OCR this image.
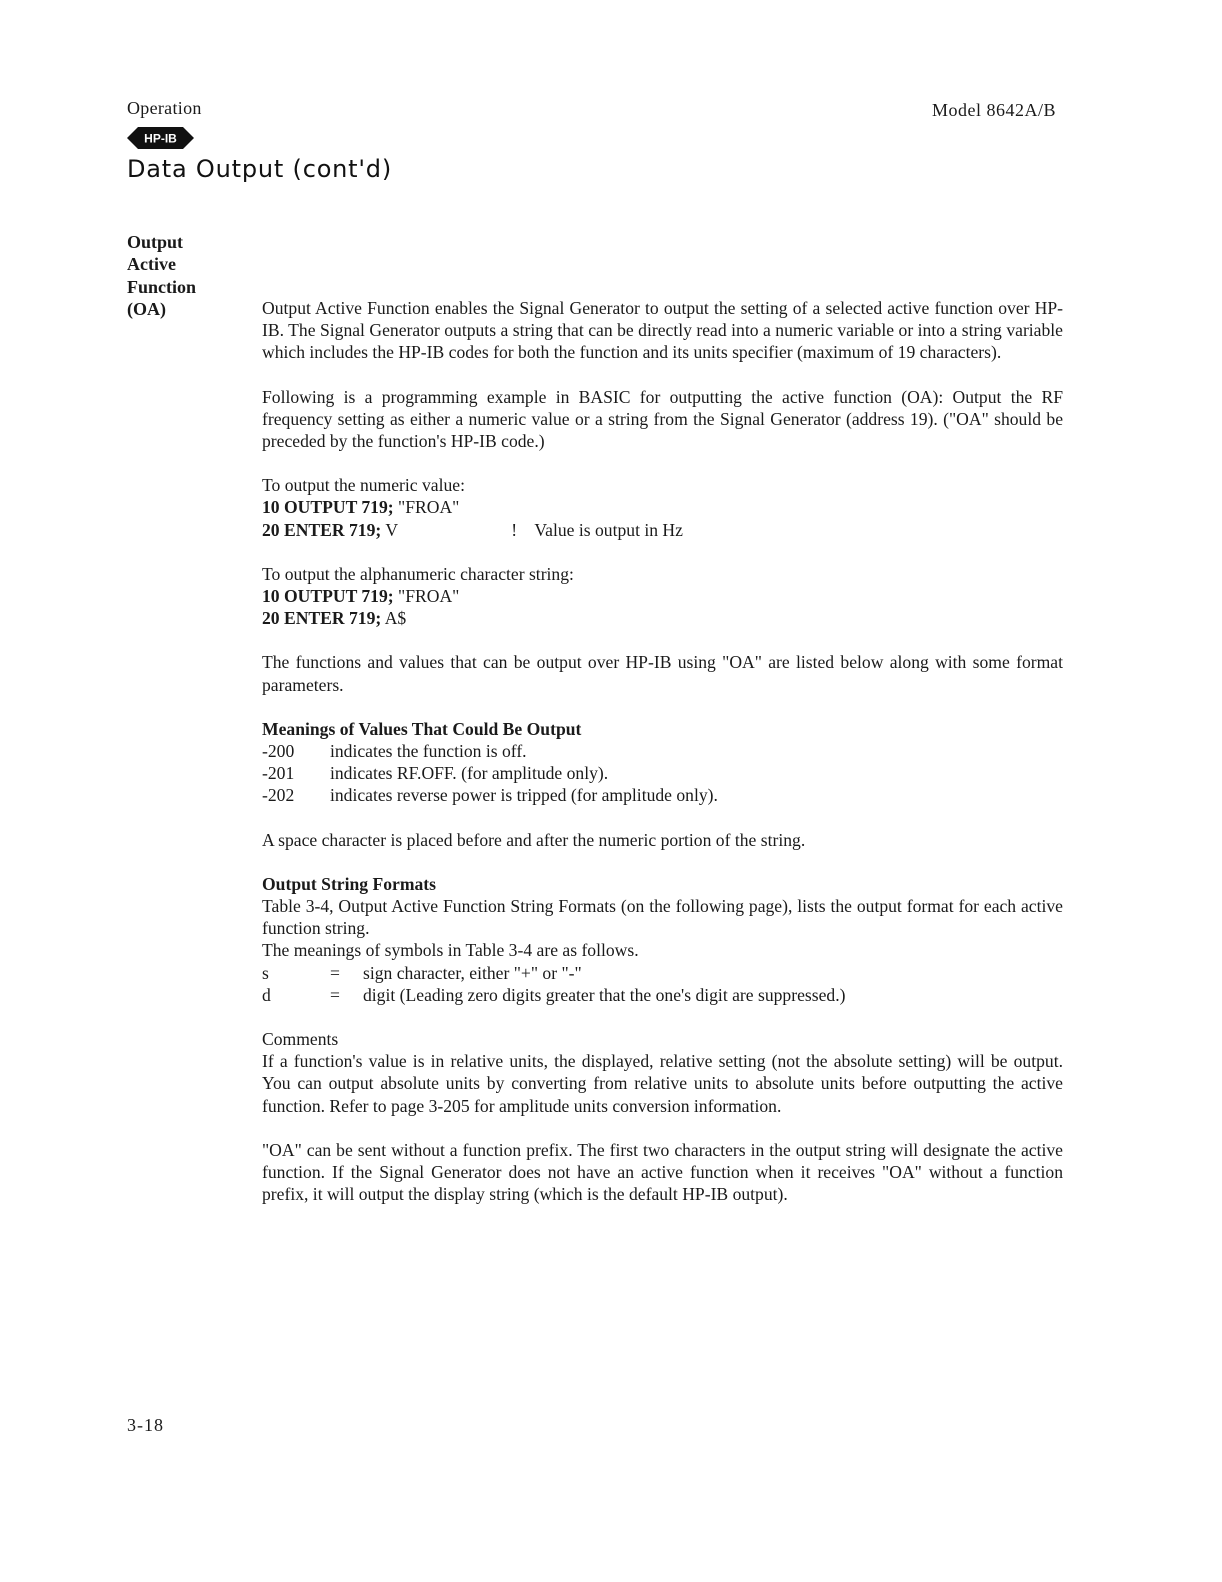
Operation	Model 8642A/B
HP-IB
Data Output (cont'd)
Output
Active
Function
(OA)	Output Active Function enables the Signal Generator to output the setting of a selected active function over HP-IB. The Signal Generator outputs a string that can be directly read into a numeric variable or into a string variable which includes the HP-IB codes for both the function and its units specifier (maximum of 19 characters).

Following is a programming example in BASIC for outputting the active function (OA): Output the RF frequency setting as either a numeric value or a string from the Signal Generator (address 19). ("OA" should be preceded by the function's HP-IB code.)

To output the numeric value:
10 OUTPUT 719; "FROA"
20 ENTER 719; V	!    Value is output in Hz
To output the alphanumeric character string:
10 OUTPUT 719; "FROA"
20 ENTER 719; A$

The functions and values that can be output over HP-IB using "OA" are listed below along with some format parameters.

Meanings of Values That Could Be Output
-200	indicates the function is off.
-201	indicates RF.OFF. (for amplitude only).
-202	indicates reverse power is tripped (for amplitude only).

A space character is placed before and after the numeric portion of the string.

Output String Formats

Table 3-4, Output Active Function String Formats (on the following page), lists the output format for each active function string.

The meanings of symbols in Table 3-4 are as follows.
s	=	sign character, either "+" or "-"
d	=	digit (Leading zero digits greater that the one's digit are suppressed.)
Comments

If a function's value is in relative units, the displayed, relative setting (not the absolute setting) will be output. You can output absolute units by converting from relative units to absolute units before outputting the active function. Refer to page 3-205 for amplitude units conversion information.

"OA" can be sent without a function prefix. The first two characters in the output string will designate the active function. If the Signal Generator does not have an active function when it receives "OA" without a function prefix, it will output the display string (which is the default HP-IB output).

3-18
